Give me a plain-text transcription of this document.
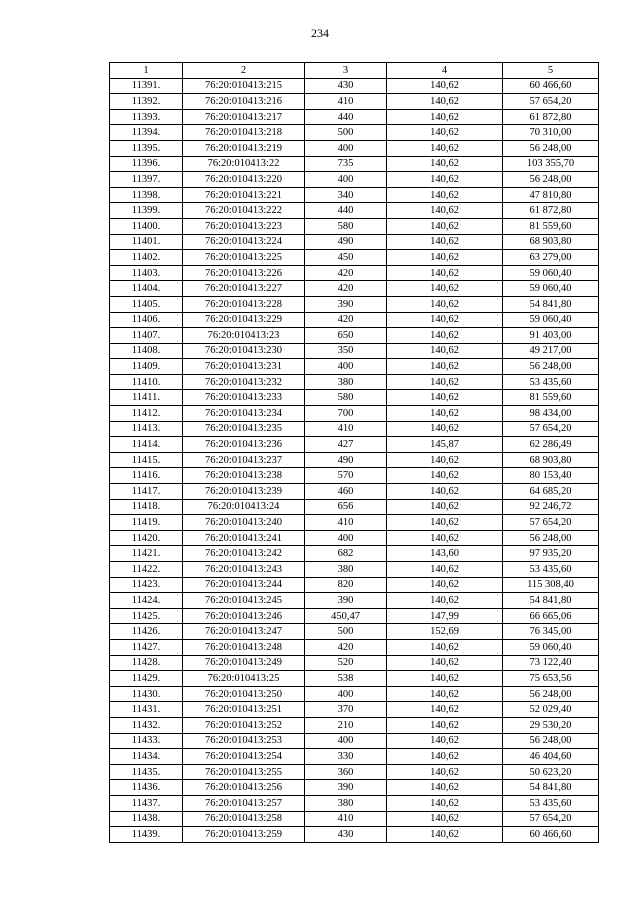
234
1	2	3	4	5
11391.	76:20:010413:215	430	140,62	60 466,60
11392.	76:20:010413:216	410	140,62	57 654,20
11393.	76:20:010413:217	440	140,62	61 872,80
11394.	76:20:010413:218	500	140,62	70 310,00
11395.	76:20:010413:219	400	140,62	56 248,00
11396.	76:20:010413:22	735	140,62	103 355,70
11397.	76:20:010413:220	400	140,62	56 248,00
11398.	76:20:010413:221	340	140,62	47 810,80
11399.	76:20:010413:222	440	140,62	61 872,80
11400.	76:20:010413:223	580	140,62	81 559,60
11401.	76:20:010413:224	490	140,62	68 903,80
11402.	76:20:010413:225	450	140,62	63 279,00
11403.	76:20:010413:226	420	140,62	59 060,40
11404.	76:20:010413:227	420	140,62	59 060,40
11405.	76:20:010413:228	390	140,62	54 841,80
11406.	76:20:010413:229	420	140,62	59 060,40
11407.	76:20:010413:23	650	140,62	91 403,00
11408.	76:20:010413:230	350	140,62	49 217,00
11409.	76:20:010413:231	400	140,62	56 248,00
11410.	76:20:010413:232	380	140,62	53 435,60
11411.	76:20:010413:233	580	140,62	81 559,60
11412.	76:20:010413:234	700	140,62	98 434,00
11413.	76:20:010413:235	410	140,62	57 654,20
11414.	76:20:010413:236	427	145,87	62 286,49
11415.	76:20:010413:237	490	140,62	68 903,80
11416.	76:20:010413:238	570	140,62	80 153,40
11417.	76:20:010413:239	460	140,62	64 685,20
11418.	76:20:010413:24	656	140,62	92 246,72
11419.	76:20:010413:240	410	140,62	57 654,20
11420.	76:20:010413:241	400	140,62	56 248,00
11421.	76:20:010413:242	682	143,60	97 935,20
11422.	76:20:010413:243	380	140,62	53 435,60
11423.	76:20:010413:244	820	140,62	115 308,40
11424.	76:20:010413:245	390	140,62	54 841,80
11425.	76:20:010413:246	450,47	147,99	66 665,06
11426.	76:20:010413:247	500	152,69	76 345,00
11427.	76:20:010413:248	420	140,62	59 060,40
11428.	76:20:010413:249	520	140,62	73 122,40
11429.	76:20:010413:25	538	140,62	75 653,56
11430.	76:20:010413:250	400	140,62	56 248,00
11431.	76:20:010413:251	370	140,62	52 029,40
11432.	76:20:010413:252	210	140,62	29 530,20
11433.	76:20:010413:253	400	140,62	56 248,00
11434.	76:20:010413:254	330	140,62	46 404,60
11435.	76:20:010413:255	360	140,62	50 623,20
11436.	76:20:010413:256	390	140,62	54 841,80
11437.	76:20:010413:257	380	140,62	53 435,60
11438.	76:20:010413:258	410	140,62	57 654,20
11439.	76:20:010413:259	430	140,62	60 466,60
